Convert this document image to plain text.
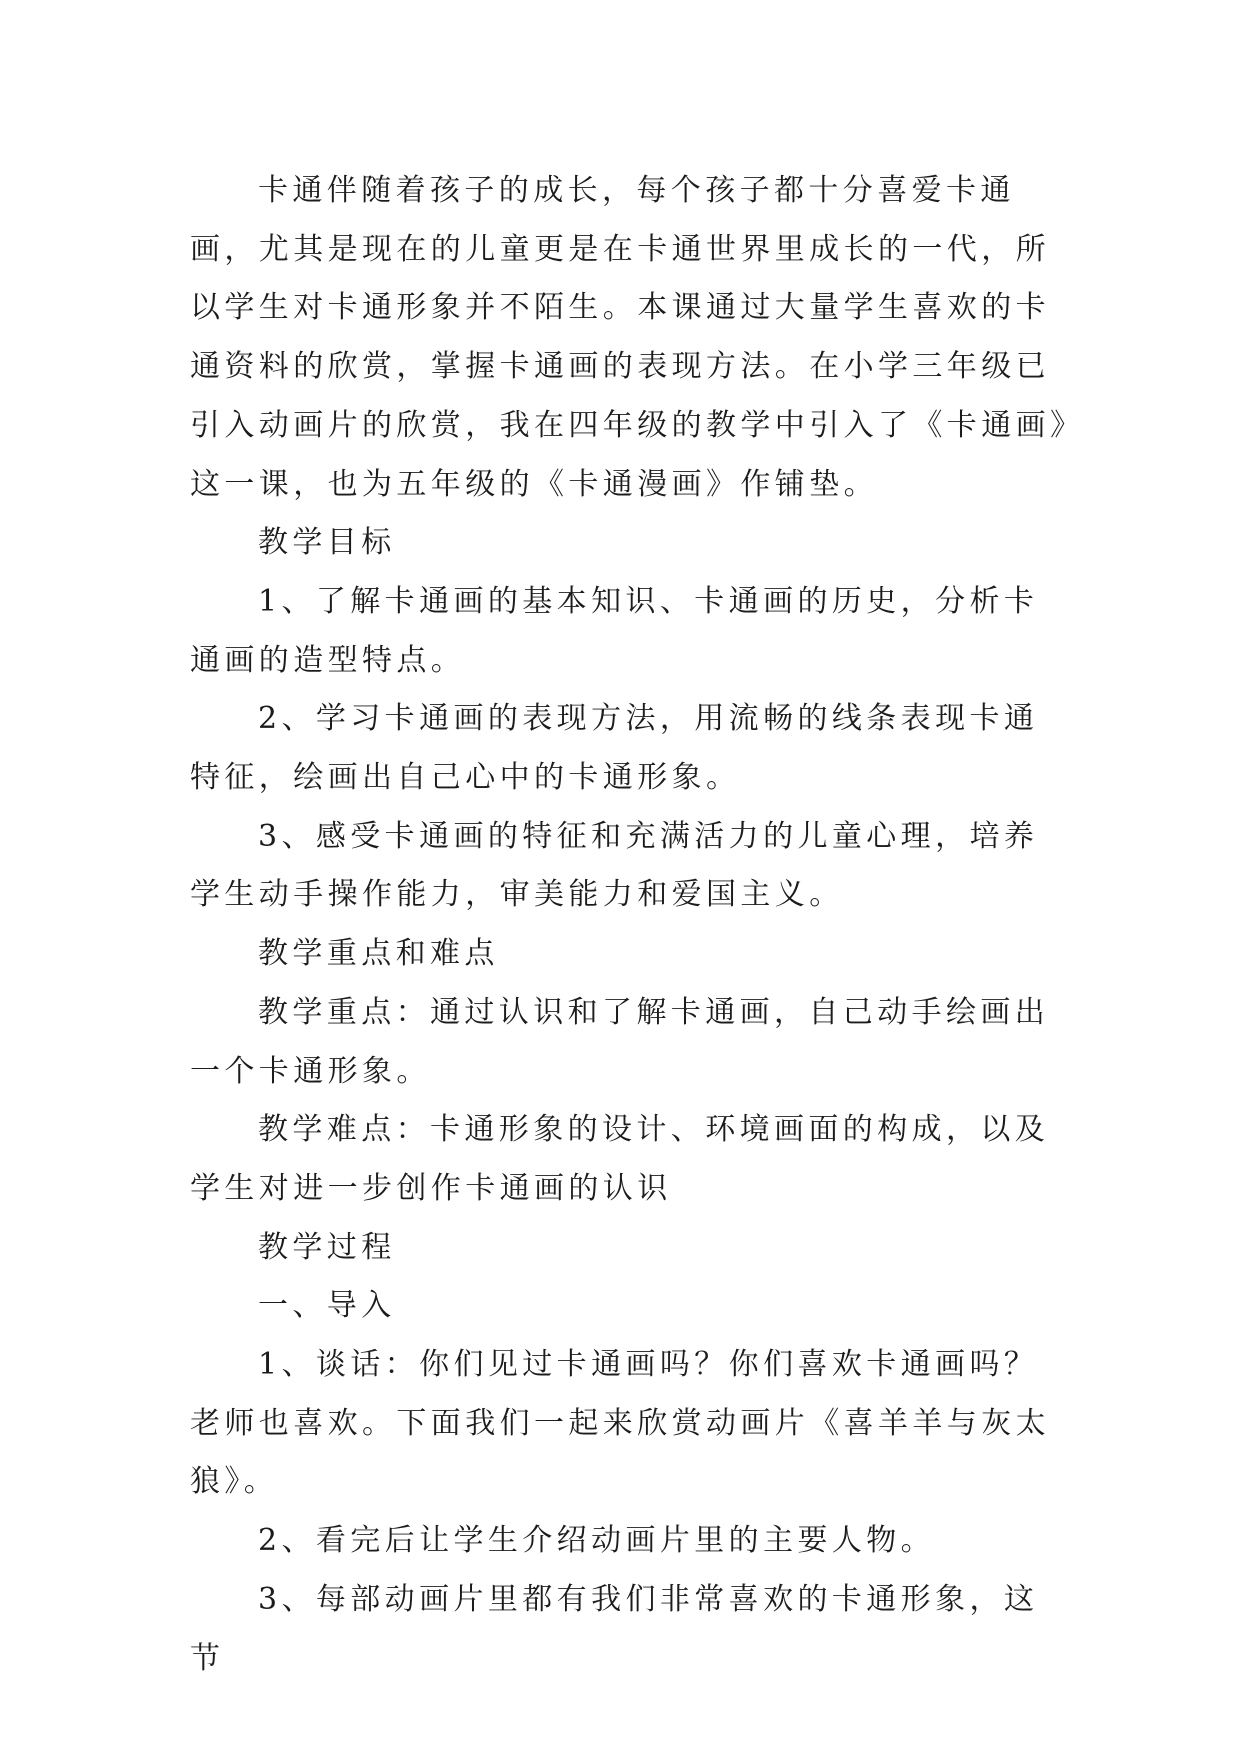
卡通伴随着孩子的成长，每个孩子都十分喜爱卡通画，尤其是现在的儿童更是在卡通世界里成长的一代，所以学生对卡通形象并不陌生。本课通过大量学生喜欢的卡通资料的欣赏，掌握卡通画的表现方法。在小学三年级已引入动画片的欣赏，我在四年级的教学中引入了《卡通画》这一课，也为五年级的《卡通漫画》作铺垫。

教学目标

1、了解卡通画的基本知识、卡通画的历史，分析卡通画的造型特点。

2、学习卡通画的表现方法，用流畅的线条表现卡通特征，绘画出自己心中的卡通形象。

3、感受卡通画的特征和充满活力的儿童心理，培养学生动手操作能力，审美能力和爱国主义。

教学重点和难点

教学重点：通过认识和了解卡通画，自己动手绘画出一个卡通形象。

教学难点：卡通形象的设计、环境画面的构成，以及学生对进一步创作卡通画的认识

教学过程

一、导入

1、谈话：你们见过卡通画吗？你们喜欢卡通画吗？老师也喜欢。下面我们一起来欣赏动画片《喜羊羊与灰太狼》。

2、看完后让学生介绍动画片里的主要人物。

3、每部动画片里都有我们非常喜欢的卡通形象，这节
